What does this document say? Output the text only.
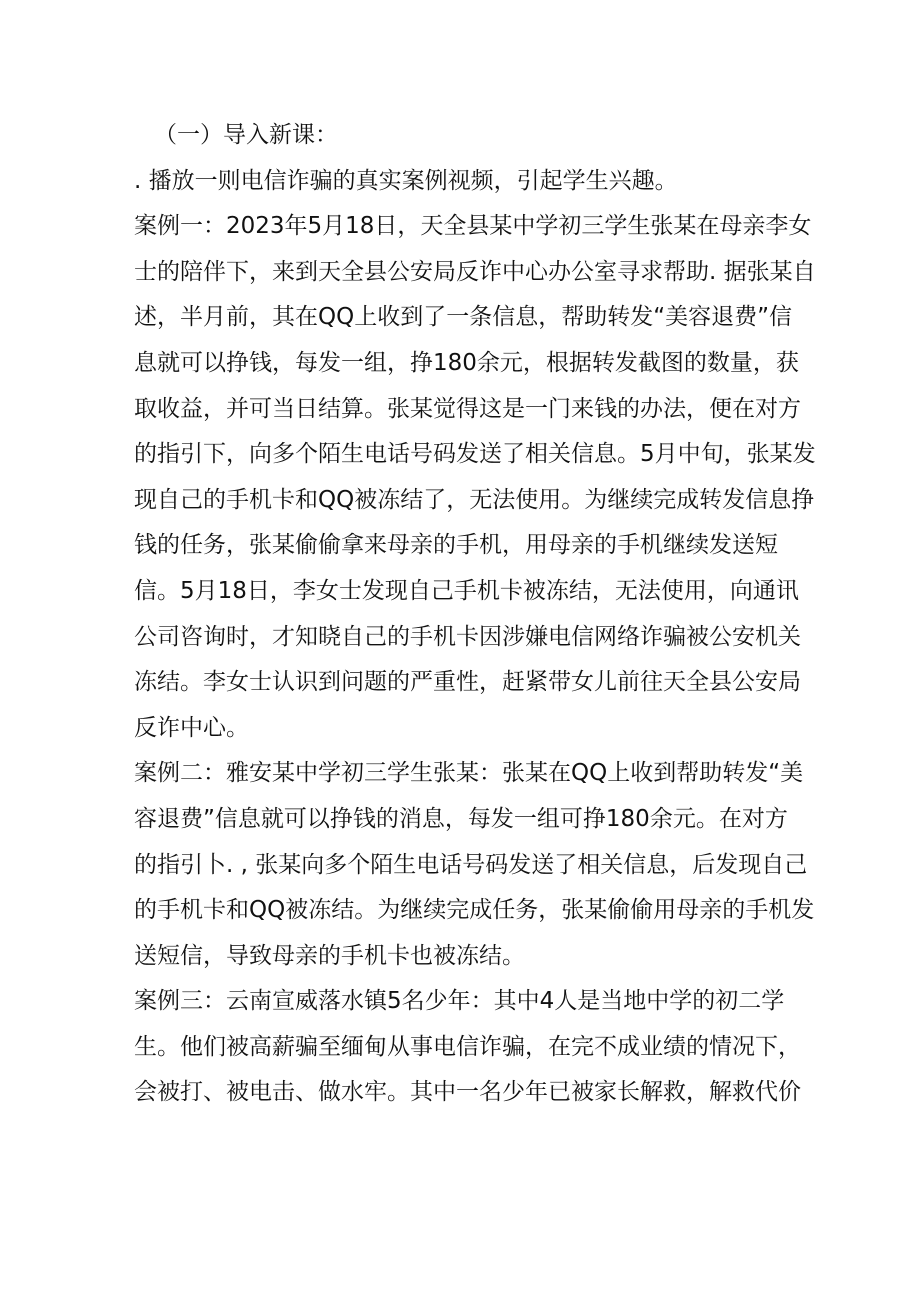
（一）导入新课：
. 播放一则电信诈骗的真实案例视频，引起学生兴趣。
案例一：2023年5月18日，天全县某中学初三学生张某在母亲李女
士的陪伴下，来到天全县公安局反诈中心办公室寻求帮助. 据张某自
述，半月前，其在QQ上收到了一条信息，帮助转发“美容退费”信
息就可以挣钱，每发一组，挣180余元，根据转发截图的数量，获
取收益，并可当日结算。张某觉得这是一门来钱的办法，便在对方
的指引下，向多个陌生电话号码发送了相关信息。5月中旬，张某发
现自己的手机卡和QQ被冻结了，无法使用。为继续完成转发信息挣
钱的任务，张某偷偷拿来母亲的手机，用母亲的手机继续发送短
信。5月18日，李女士发现自己手机卡被冻结，无法使用，向通讯
公司咨询时，才知晓自己的手机卡因涉嫌电信网络诈骗被公安机关
冻结。李女士认识到问题的严重性，赶紧带女儿前往天全县公安局
反诈中心。
案例二：雅安某中学初三学生张某：张某在QQ上收到帮助转发“美
容退费”信息就可以挣钱的消息，每发一组可挣180余元。在对方
的指引卜. , 张某向多个陌生电话号码发送了相关信息，后发现自己
的手机卡和QQ被冻结。为继续完成任务，张某偷偷用母亲的手机发
送短信，导致母亲的手机卡也被冻结。
案例三：云南宣威落水镇5名少年：其中4人是当地中学的初二学
生。他们被高薪骗至缅甸从事电信诈骗，在完不成业绩的情况下，
会被打、被电击、做水牢。其中一名少年已被家长解救，解救代价
